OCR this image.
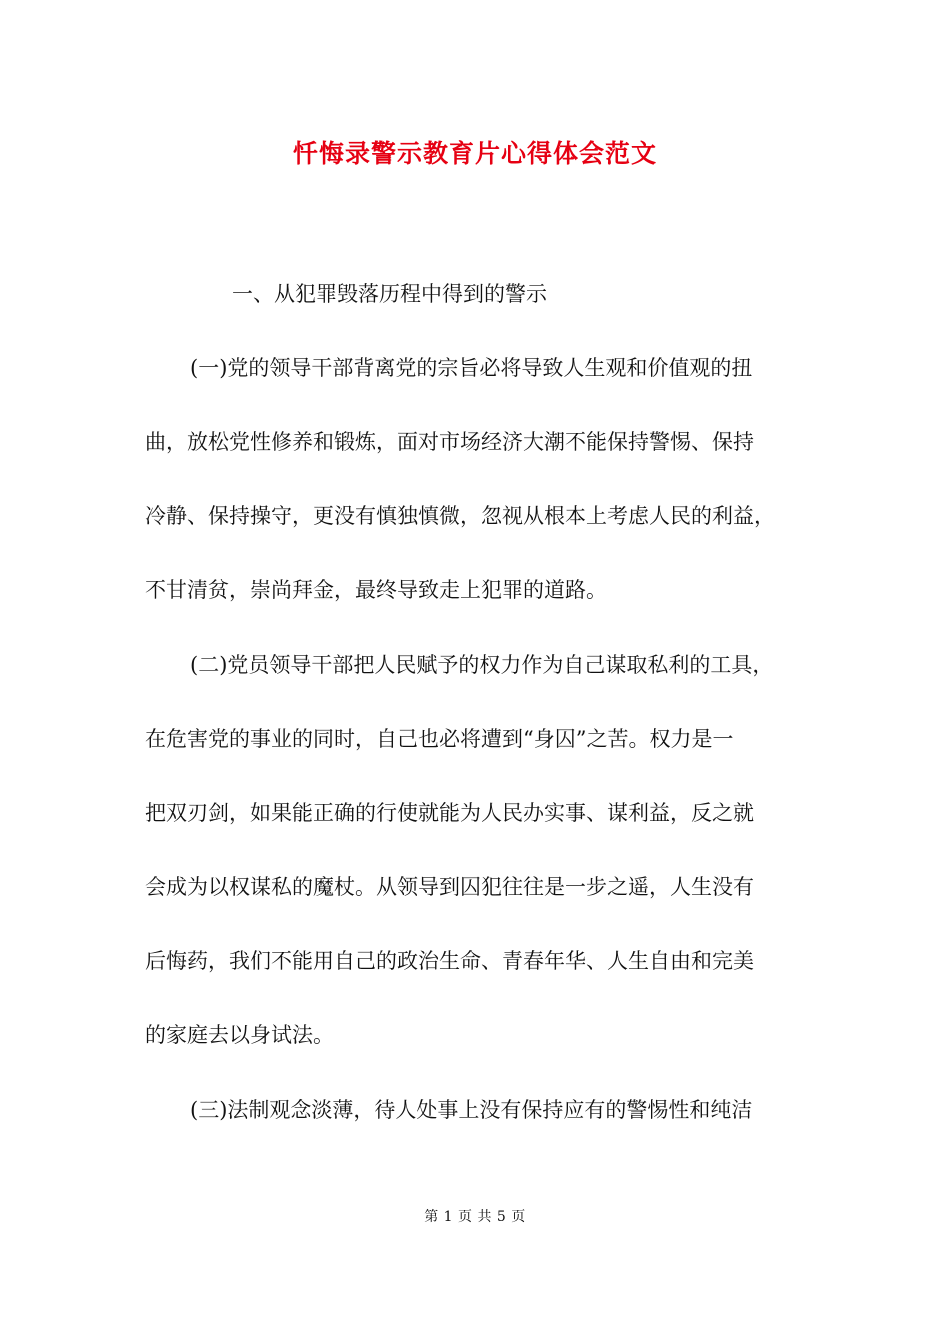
忏悔录警示教育片心得体会范文

一、从犯罪毁落历程中得到的警示

(一)党的领导干部背离党的宗旨必将导致人生观和价值观的扭

曲，放松党性修养和锻炼，面对市场经济大潮不能保持警惕、保持

冷静、保持操守，更没有慎独慎微，忽视从根本上考虑人民的利益，

不甘清贫，崇尚拜金，最终导致走上犯罪的道路。

(二)党员领导干部把人民赋予的权力作为自己谋取私利的工具，

在危害党的事业的同时，自己也必将遭到“身囚”之苦。权力是一

把双刃剑，如果能正确的行使就能为人民办实事、谋利益，反之就

会成为以权谋私的魔杖。从领导到囚犯往往是一步之遥，人生没有

后悔药，我们不能用自己的政治生命、青春年华、人生自由和完美

的家庭去以身试法。

(三)法制观念淡薄，待人处事上没有保持应有的警惕性和纯洁

第 1 页 共 5 页
